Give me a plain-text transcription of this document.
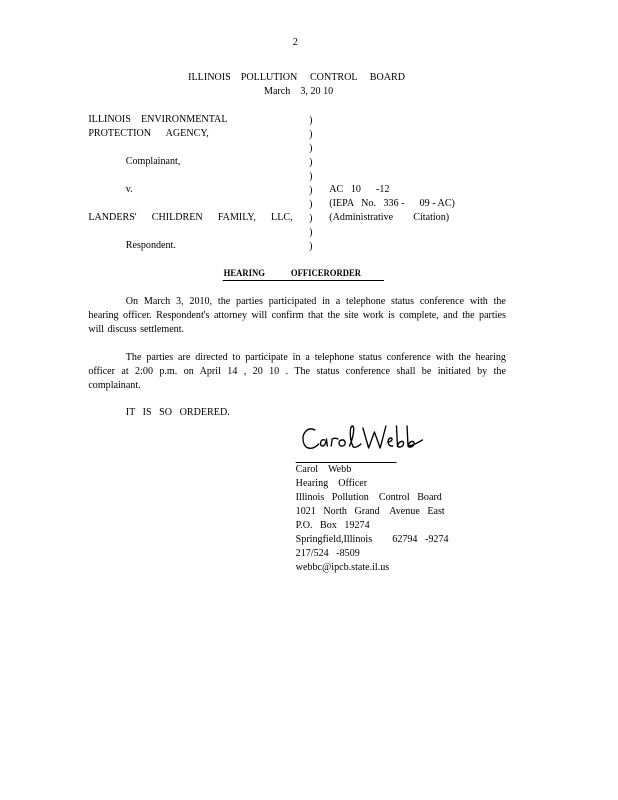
2
ILLINOIS    POLLUTION     CONTROL     BOARD
March    3, 20 10
ILLINOIS    ENVIRONMENTAL
PROTECTION      AGENCY,
Complainant,
v.
LANDERS'      CHILDREN      FAMILY,      LLC,
Respondent.
)
)
)
)
)
)
)
)
)
)
AC   10      -12
(IEPA   No.   336 -      09 - AC)
(Administrative        Citation)
HEARING            OFFICERORDER
On March 3, 2010, the parties participated in a telephone status conference with the hearing officer. Respondent's attorney will confirm that the site work is complete, and the parties will discuss settlement.
The parties are directed to participate in a telephone status conference with the hearing officer at 2:00 p.m. on April 14 , 20 10 . The status conference shall be initiated by the complainant.
IT   IS   SO   ORDERED.
Carol    Webb
Hearing    Officer
Illinois   Pollution    Control   Board
1021   North   Grand    Avenue   East
P.O.   Box   19274
Springfield,Illinois        62794   -9274
217/524   -8509
webbc@ipcb.state.il.us
